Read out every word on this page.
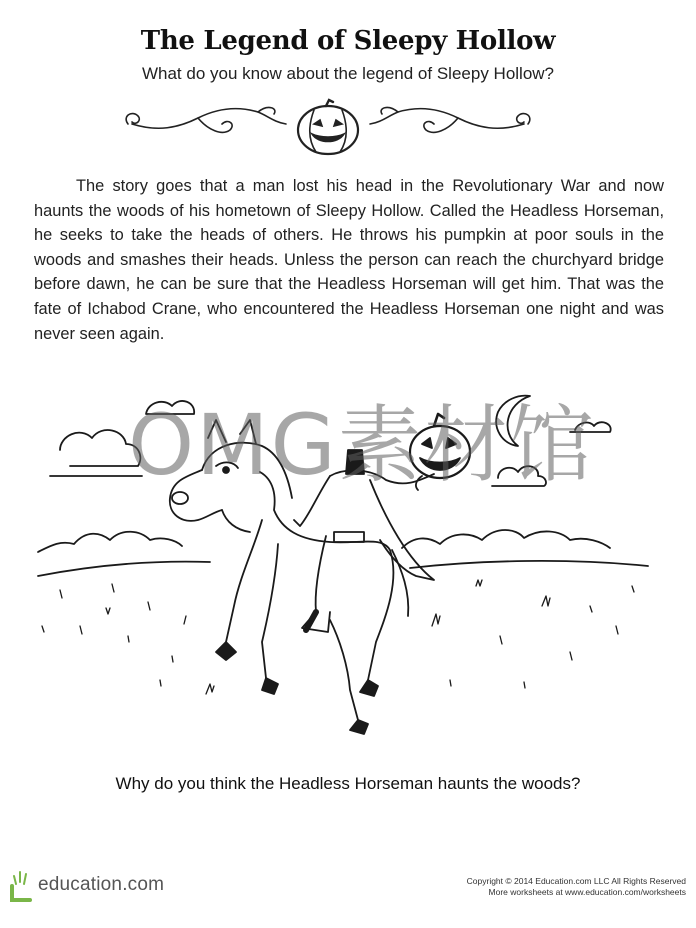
The Legend of Sleepy Hollow
What do you know about the legend of Sleepy Hollow?

The story goes that a man lost his head in the Revolutionary War and now haunts the woods of his hometown of Sleepy Hollow. Called the Headless Horseman, he seeks to take the heads of others. He throws his pumpkin at poor souls in the woods and smashes their heads. Unless the person can reach the churchyard bridge before dawn, he can be sure that the Headless Horseman will get him. That was the fate of Ichabod Crane, who encountered the Headless Horseman one night and was never seen again.

OMG素材馆
Why do you think the Headless Horseman haunts the woods?
education.com	Copyright © 2014 Education.com LLC All Rights Reserved
More worksheets at www.education.com/worksheets
